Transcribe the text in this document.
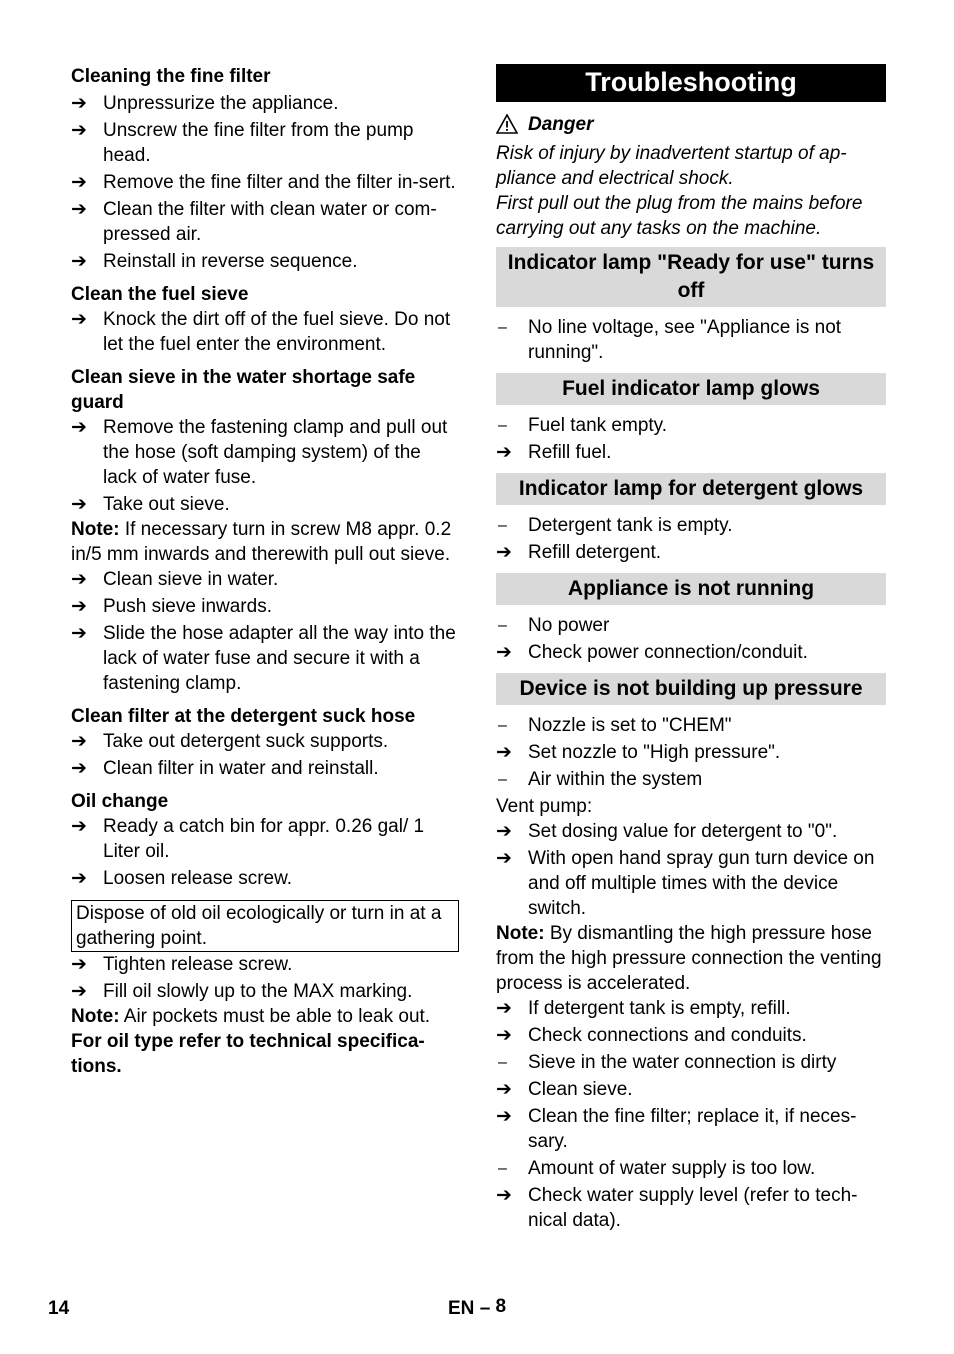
Cleaning the fine filter
➔ Unpressurize the appliance.
➔ Unscrew the fine filter from the pump head.
➔ Remove the fine filter and the filter in-sert.
➔ Clean the filter with clean water or com-pressed air.
➔ Reinstall in reverse sequence.
Clean the fuel sieve
➔ Knock the dirt off of the fuel sieve. Do not let the fuel enter the environment.
Clean sieve in the water shortage safe guard
➔ Remove the fastening clamp and pull out the hose (soft damping system) of the lack of water fuse.
➔ Take out sieve.
Note: If necessary turn in screw M8 appr. 0.2 in/5 mm inwards and therewith pull out sieve.
➔ Clean sieve in water.
➔ Push sieve inwards.
➔ Slide the hose adapter all the way into the lack of water fuse and secure it with a fastening clamp.
Clean filter at the detergent suck hose
➔ Take out detergent suck supports.
➔ Clean filter in water and reinstall.
Oil change
➔ Ready a catch bin for appr. 0.26 gal/ 1 Liter oil.
➔ Loosen release screw.
Dispose of old oil ecologically or turn in at a gathering point.
➔ Tighten release screw.
➔ Fill oil slowly up to the MAX marking.
Note: Air pockets must be able to leak out.
For oil type refer to technical specifica-tions.
Troubleshooting
Danger
Risk of injury by inadvertent startup of ap-pliance and electrical shock.
First pull out the plug from the mains before carrying out any tasks on the machine.
Indicator lamp "Ready for use" turns off
– No line voltage, see "Appliance is not running".
Fuel indicator lamp glows
– Fuel tank empty.
➔ Refill fuel.
Indicator lamp for detergent glows
– Detergent tank is empty.
➔ Refill detergent.
Appliance is not running
– No power
➔ Check power connection/conduit.
Device is not building up pressure
– Nozzle is set to "CHEM"
➔ Set nozzle to "High pressure".
– Air within the system
Vent pump:
➔ Set dosing value for detergent to "0".
➔ With open hand spray gun turn device on and off multiple times with the device switch.
Note: By dismantling the high pressure hose from the high pressure connection the venting process is accelerated.
➔ If detergent tank is empty, refill.
➔ Check connections and conduits.
– Sieve in the water connection is dirty
➔ Clean sieve.
➔ Clean the fine filter; replace it, if neces-sary.
– Amount of water supply is too low.
➔ Check water supply level (refer to tech-nical data).
14	EN – 8
